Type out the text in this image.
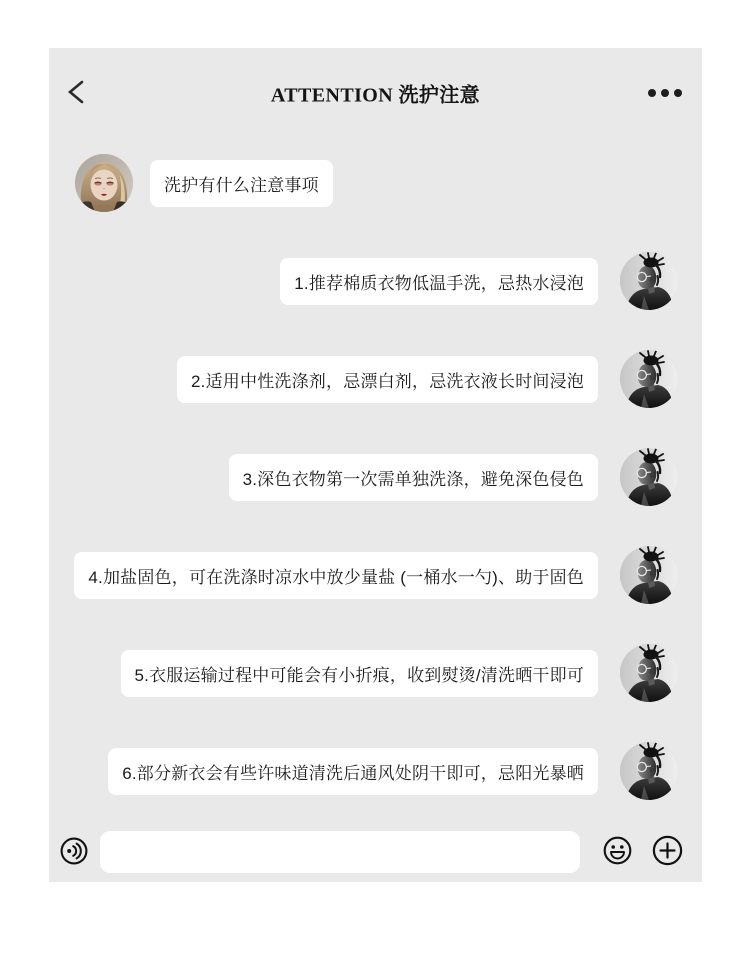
ATTENTION 洗护注意
洗护有什么注意事项
1.推荐棉质衣物低温手洗，忌热水浸泡
2.适用中性洗涤剂，忌漂白剂，忌洗衣液长时间浸泡
3.深色衣物第一次需单独洗涤，避免深色侵色
4.加盐固色，可在洗涤时凉水中放少量盐 (一桶水一勺)、助于固色
5.衣服运输过程中可能会有小折痕，收到熨烫/清洗晒干即可
6.部分新衣会有些许味道清洗后通风处阴干即可，忌阳光暴晒
